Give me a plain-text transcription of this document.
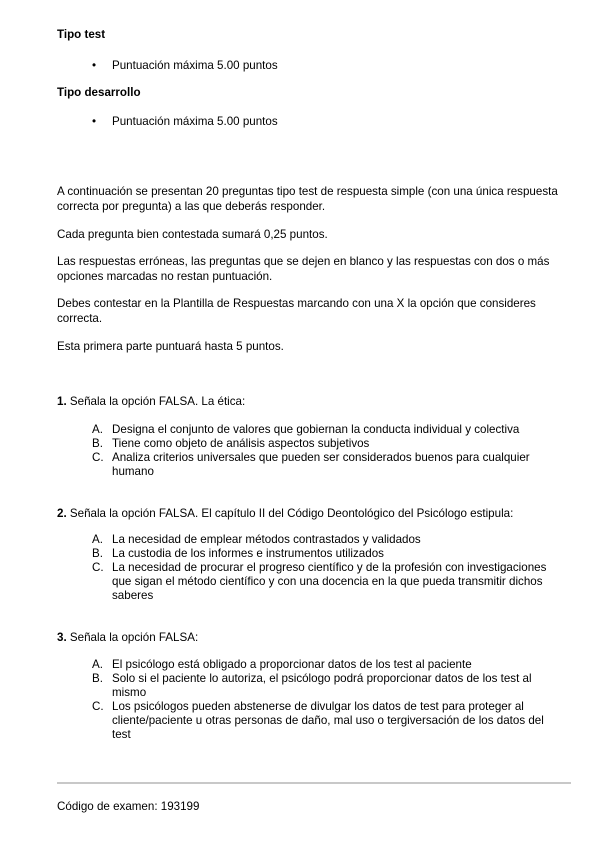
Tipo test
• Puntuación máxima 5.00 puntos
Tipo desarrollo
• Puntuación máxima 5.00 puntos
A continuación se presentan 20 preguntas tipo test de respuesta simple (con una única respuesta correcta por pregunta) a las que deberás responder.
Cada pregunta bien contestada sumará 0,25 puntos.
Las respuestas erróneas, las preguntas que se dejen en blanco y las respuestas con dos o más opciones marcadas no restan puntuación.
Debes contestar en la Plantilla de Respuestas marcando con una X la opción que consideres correcta.
Esta primera parte puntuará hasta 5 puntos.
1. Señala la opción FALSA. La ética:
A. Designa el conjunto de valores que gobiernan la conducta individual y colectiva
B. Tiene como objeto de análisis aspectos subjetivos
C. Analiza criterios universales que pueden ser considerados buenos para cualquier humano
2. Señala la opción FALSA. El capítulo II del Código Deontológico del Psicólogo estipula:
A. La necesidad de emplear métodos contrastados y validados
B. La custodia de los informes e instrumentos utilizados
C. La necesidad de procurar el progreso científico y de la profesión con investigaciones que sigan el método científico y con una docencia en la que pueda transmitir dichos saberes
3. Señala la opción FALSA:
A. El psicólogo está obligado a proporcionar datos de los test al paciente
B. Solo si el paciente lo autoriza, el psicólogo podrá proporcionar datos de los test al mismo
C. Los psicólogos pueden abstenerse de divulgar los datos de test para proteger al cliente/paciente u otras personas de daño, mal uso o tergiversación de los datos del test
Código de examen: 193199
